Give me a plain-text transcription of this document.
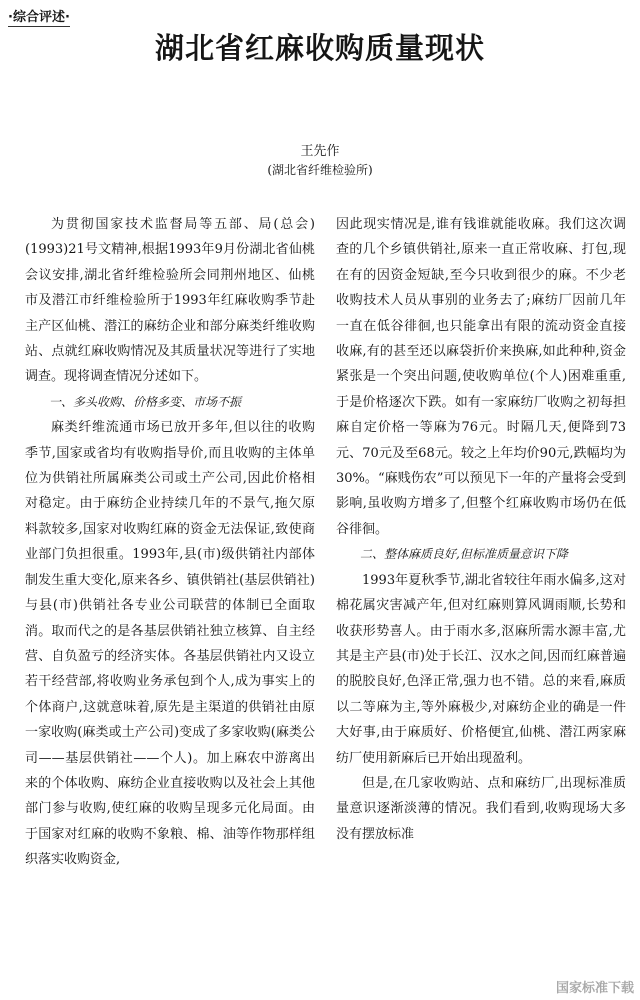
·综合评述·
湖北省红麻收购质量现状
王先作
(湖北省纤维检验所)

为贯彻国家技术监督局等五部、局(总会)(1993)21号文精神,根据1993年9月份湖北省仙桃会议安排,湖北省纤维检验所会同荆州地区、仙桃市及潜江市纤维检验所于1993年红麻收购季节赴主产区仙桃、潜江的麻纺企业和部分麻类纤维收购站、点就红麻收购情况及其质量状况等进行了实地调查。现将调查情况分述如下。

一、多头收购、价格多变、市场不振

麻类纤维流通市场已放开多年,但以往的收购季节,国家或省均有收购指导价,而且收购的主体单位为供销社所属麻类公司或土产公司,因此价格相对稳定。由于麻纺企业持续几年的不景气,拖欠原料款较多,国家对收购红麻的资金无法保证,致使商业部门负担很重。1993年,县(市)级供销社内部体制发生重大变化,原来各乡、镇供销社(基层供销社)与县(市)供销社各专业公司联营的体制已全面取消。取而代之的是各基层供销社独立核算、自主经营、自负盈亏的经济实体。各基层供销社内又设立若干经营部,将收购业务承包到个人,成为事实上的个体商户,这就意味着,原先是主渠道的供销社由原一家收购(麻类或土产公司)变成了多家收购(麻类公司——基层供销社——个人)。加上麻农中游离出来的个体收购、麻纺企业直接收购以及社会上其他部门参与收购,使红麻的收购呈现多元化局面。由于国家对红麻的收购不象粮、棉、油等作物那样组织落实收购资金,

因此现实情况是,谁有钱谁就能收麻。我们这次调查的几个乡镇供销社,原来一直正常收麻、打包,现在有的因资金短缺,至今只收到很少的麻。不少老收购技术人员从事别的业务去了;麻纺厂因前几年一直在低谷徘徊,也只能拿出有限的流动资金直接收麻,有的甚至还以麻袋折价来换麻,如此种种,资金紧张是一个突出问题,使收购单位(个人)困难重重,于是价格逐次下跌。如有一家麻纺厂收购之初每担麻自定价格一等麻为76元。时隔几天,便降到73元、70元及至68元。较之上年均价90元,跌幅均为30%。“麻贱伤农”可以预见下一年的产量将会受到影响,虽收购方增多了,但整个红麻收购市场仍在低谷徘徊。

二、整体麻质良好,但标准质量意识下降

1993年夏秋季节,湖北省较往年雨水偏多,这对棉花属灾害减产年,但对红麻则算风调雨顺,长势和收获形势喜人。由于雨水多,沤麻所需水源丰富,尤其是主产县(市)处于长江、汉水之间,因而红麻普遍的脱胶良好,色泽正常,强力也不错。总的来看,麻质以二等麻为主,等外麻极少,对麻纺企业的确是一件大好事,由于麻质好、价格便宜,仙桃、潜江两家麻纺厂使用新麻后已开始出现盈利。

但是,在几家收购站、点和麻纺厂,出现标准质量意识逐渐淡薄的情况。我们看到,收购现场大多没有摆放标准

国家标准下载
